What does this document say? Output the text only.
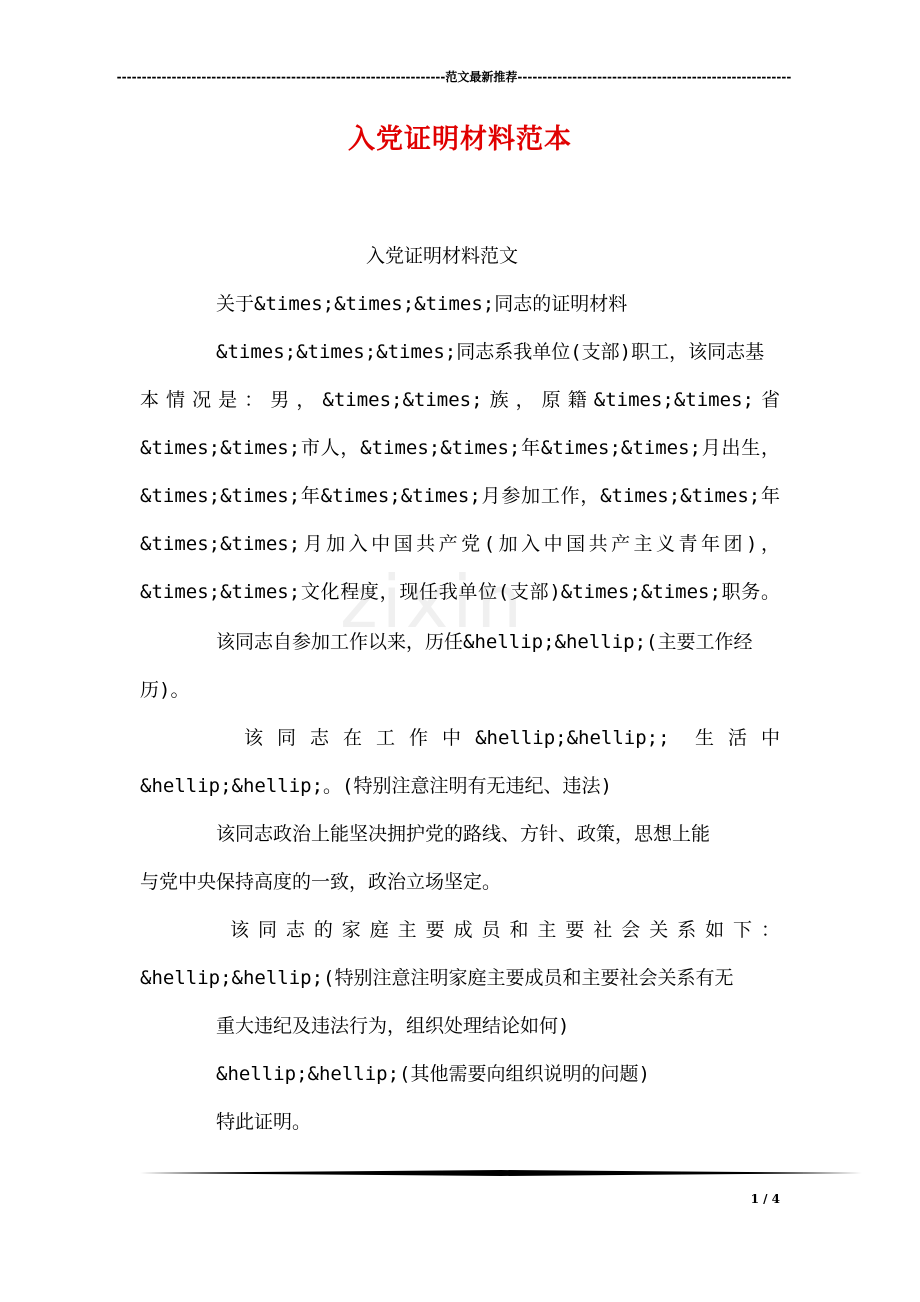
------------------------------------------------------------------范文最新推荐-------------------------------------------------------
入党证明材料范本
zixin
入党证明材料范文
关于&times;&times;&times;同志的证明材料
&times;&times;&times;同志系我单位(支部)职工，该同志基
本情况是：男，&times;&times;族，原籍&times;&times;省
&times;&times;市人，&times;&times;年&times;&times;月出生，
&times;&times;年&times;&times;月参加工作，&times;&times;年
&times;&times;月加入中国共产党(加入中国共产主义青年团)，
&times;&times;文化程度，现任我单位(支部)&times;&times;职务。
该同志自参加工作以来，历任&hellip;&hellip;(主要工作经
历)。
该同志在工作中&hellip;&hellip;; 生活中
&hellip;&hellip;。(特别注意注明有无违纪、违法)
该同志政治上能坚决拥护党的路线、方针、政策，思想上能
与党中央保持高度的一致，政治立场坚定。
该同志的家庭主要成员和主要社会关系如下：
&hellip;&hellip;(特别注意注明家庭主要成员和主要社会关系有无
重大违纪及违法行为，组织处理结论如何)
&hellip;&hellip;(其他需要向组织说明的问题)
特此证明。
1 / 4
